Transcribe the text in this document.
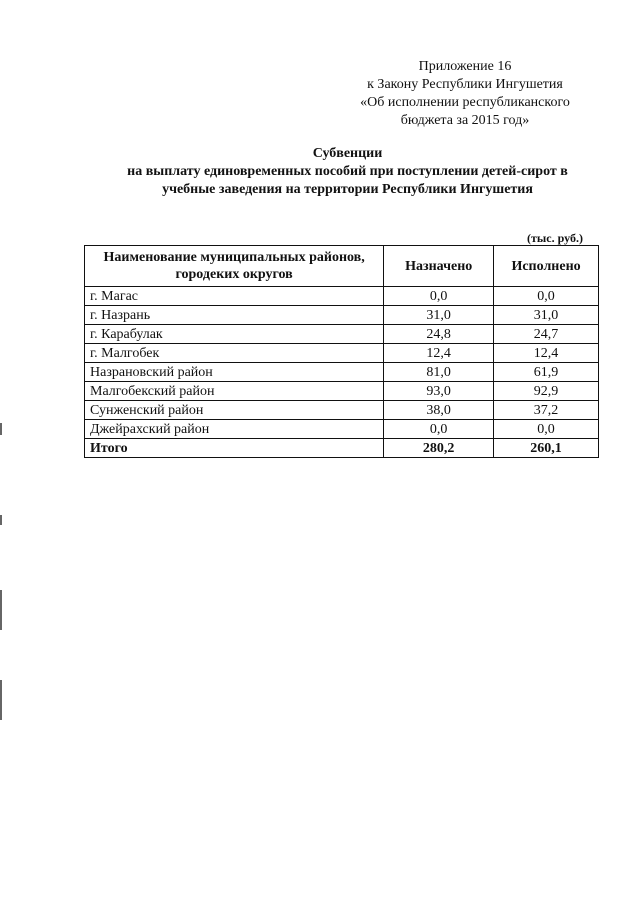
Приложение 16
к Закону Республики Ингушетия
«Об исполнении республиканского
бюджета за 2015 год»
Субвенции
на выплату единовременных пособий при поступлении детей-сирот в
учебные заведения на территории Республики Ингушетия
(тыс. руб.)
Наименование муниципальных районов, городеких округов	Назначено	Исполнено
г. Магас	0,0	0,0
г. Назрань	31,0	31,0
г. Карабулак	24,8	24,7
г. Малгобек	12,4	12,4
Назрановский район	81,0	61,9
Малгобекский район	93,0	92,9
Сунженский район	38,0	37,2
Джейрахский район	0,0	0,0
Итого	280,2	260,1
